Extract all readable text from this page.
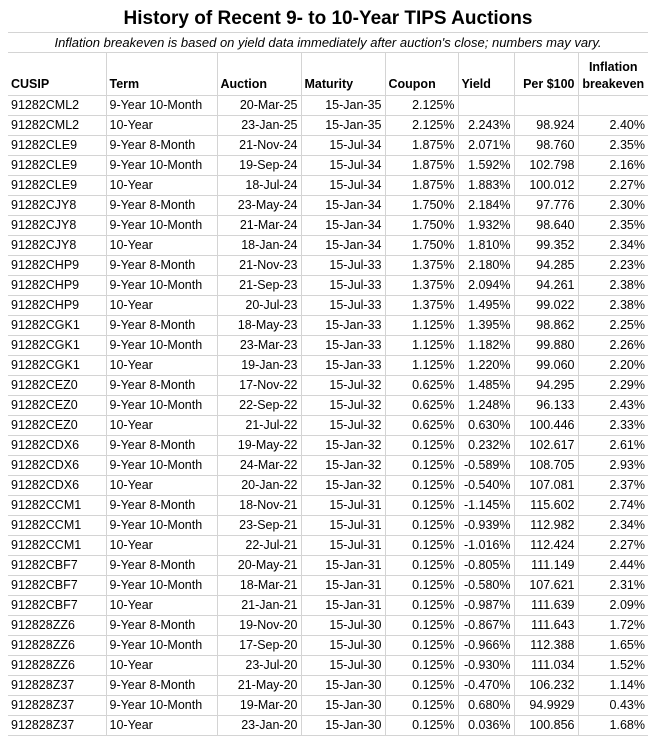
History of Recent 9- to 10-Year TIPS Auctions
Inflation breakeven is based on yield data immediately after auction's close; numbers may vary.
CUSIP	Term	Auction	Maturity	Coupon	Yield	Per $100	Inflation
breakeven
91282CML2	9-Year 10-Month	20-Mar-25	15-Jan-35	2.125%			
91282CML2	10-Year	23-Jan-25	15-Jan-35	2.125%	2.243%	98.924	2.40%
91282CLE9	9-Year 8-Month	21-Nov-24	15-Jul-34	1.875%	2.071%	98.760	2.35%
91282CLE9	9-Year 10-Month	19-Sep-24	15-Jul-34	1.875%	1.592%	102.798	2.16%
91282CLE9	10-Year	18-Jul-24	15-Jul-34	1.875%	1.883%	100.012	2.27%
91282CJY8	9-Year 8-Month	23-May-24	15-Jan-34	1.750%	2.184%	97.776	2.30%
91282CJY8	9-Year 10-Month	21-Mar-24	15-Jan-34	1.750%	1.932%	98.640	2.35%
91282CJY8	10-Year	18-Jan-24	15-Jan-34	1.750%	1.810%	99.352	2.34%
91282CHP9	9-Year 8-Month	21-Nov-23	15-Jul-33	1.375%	2.180%	94.285	2.23%
91282CHP9	9-Year 10-Month	21-Sep-23	15-Jul-33	1.375%	2.094%	94.261	2.38%
91282CHP9	10-Year	20-Jul-23	15-Jul-33	1.375%	1.495%	99.022	2.38%
91282CGK1	9-Year 8-Month	18-May-23	15-Jan-33	1.125%	1.395%	98.862	2.25%
91282CGK1	9-Year 10-Month	23-Mar-23	15-Jan-33	1.125%	1.182%	99.880	2.26%
91282CGK1	10-Year	19-Jan-23	15-Jan-33	1.125%	1.220%	99.060	2.20%
91282CEZ0	9-Year 8-Month	17-Nov-22	15-Jul-32	0.625%	1.485%	94.295	2.29%
91282CEZ0	9-Year 10-Month	22-Sep-22	15-Jul-32	0.625%	1.248%	96.133	2.43%
91282CEZ0	10-Year	21-Jul-22	15-Jul-32	0.625%	0.630%	100.446	2.33%
91282CDX6	9-Year 8-Month	19-May-22	15-Jan-32	0.125%	0.232%	102.617	2.61%
91282CDX6	9-Year 10-Month	24-Mar-22	15-Jan-32	0.125%	-0.589%	108.705	2.93%
91282CDX6	10-Year	20-Jan-22	15-Jan-32	0.125%	-0.540%	107.081	2.37%
91282CCM1	9-Year 8-Month	18-Nov-21	15-Jul-31	0.125%	-1.145%	115.602	2.74%
91282CCM1	9-Year 10-Month	23-Sep-21	15-Jul-31	0.125%	-0.939%	112.982	2.34%
91282CCM1	10-Year	22-Jul-21	15-Jul-31	0.125%	-1.016%	112.424	2.27%
91282CBF7	9-Year 8-Month	20-May-21	15-Jan-31	0.125%	-0.805%	111.149	2.44%
91282CBF7	9-Year 10-Month	18-Mar-21	15-Jan-31	0.125%	-0.580%	107.621	2.31%
91282CBF7	10-Year	21-Jan-21	15-Jan-31	0.125%	-0.987%	111.639	2.09%
912828ZZ6	9-Year 8-Month	19-Nov-20	15-Jul-30	0.125%	-0.867%	111.643	1.72%
912828ZZ6	9-Year 10-Month	17-Sep-20	15-Jul-30	0.125%	-0.966%	112.388	1.65%
912828ZZ6	10-Year	23-Jul-20	15-Jul-30	0.125%	-0.930%	111.034	1.52%
912828Z37	9-Year 8-Month	21-May-20	15-Jan-30	0.125%	-0.470%	106.232	1.14%
912828Z37	9-Year 10-Month	19-Mar-20	15-Jan-30	0.125%	0.680%	94.9929	0.43%
912828Z37	10-Year	23-Jan-20	15-Jan-30	0.125%	0.036%	100.856	1.68%
